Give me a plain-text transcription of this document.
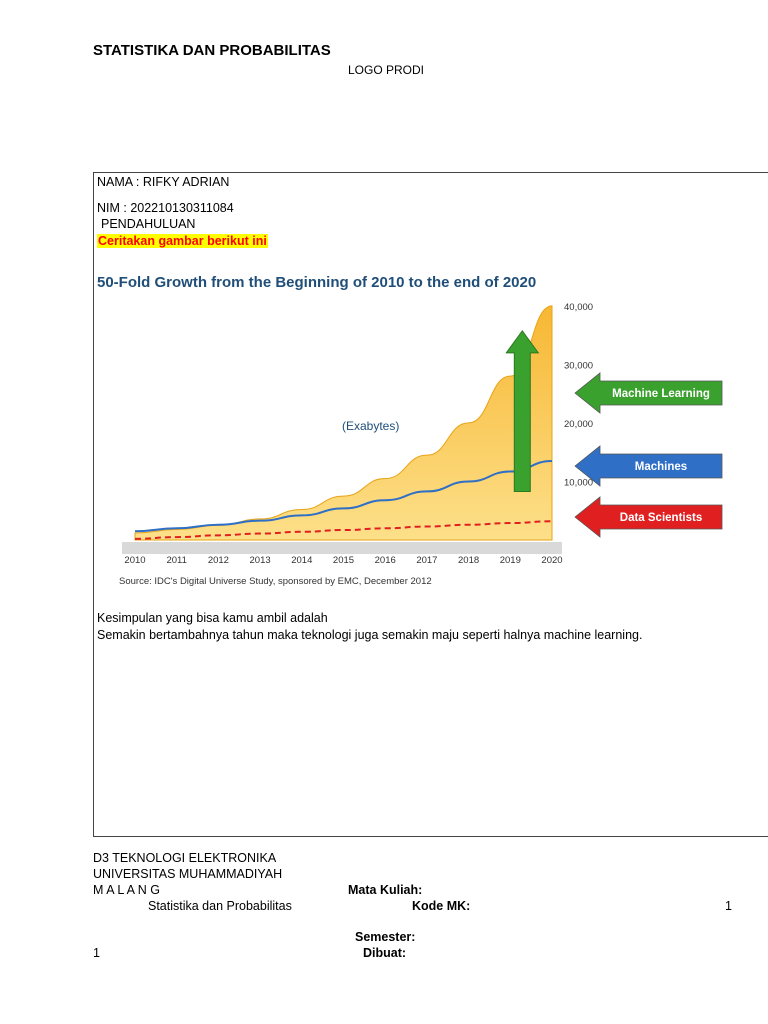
STATISTIKA DAN PROBABILITAS
LOGO PRODI
NAMA : RIFKY ADRIAN
NIM : 202210130311084
PENDAHULUAN
Ceritakan gambar berikut ini
50-Fold Growth from the Beginning of 2010 to the end of 2020
2010 2011 2012 2013 2014 2015 2016 2017 2018 2019 2020
10,000
20,000
30,000
40,000
(Exabytes)
Source: IDC's Digital Universe Study, sponsored by EMC, December 2012
Machine Learning
Machines
Data Scientists
Kesimpulan yang bisa kamu ambil adalah
Semakin bertambahnya tahun maka teknologi juga semakin maju seperti halnya machine learning.
D3 TEKNOLOGI ELEKTRONIKA
UNIVERSITAS MUHAMMADIYAH
M A L A N G	Mata Kuliah:
Statistika dan Probabilitas	Kode MK:	1
Semester:
1	Dibuat:
